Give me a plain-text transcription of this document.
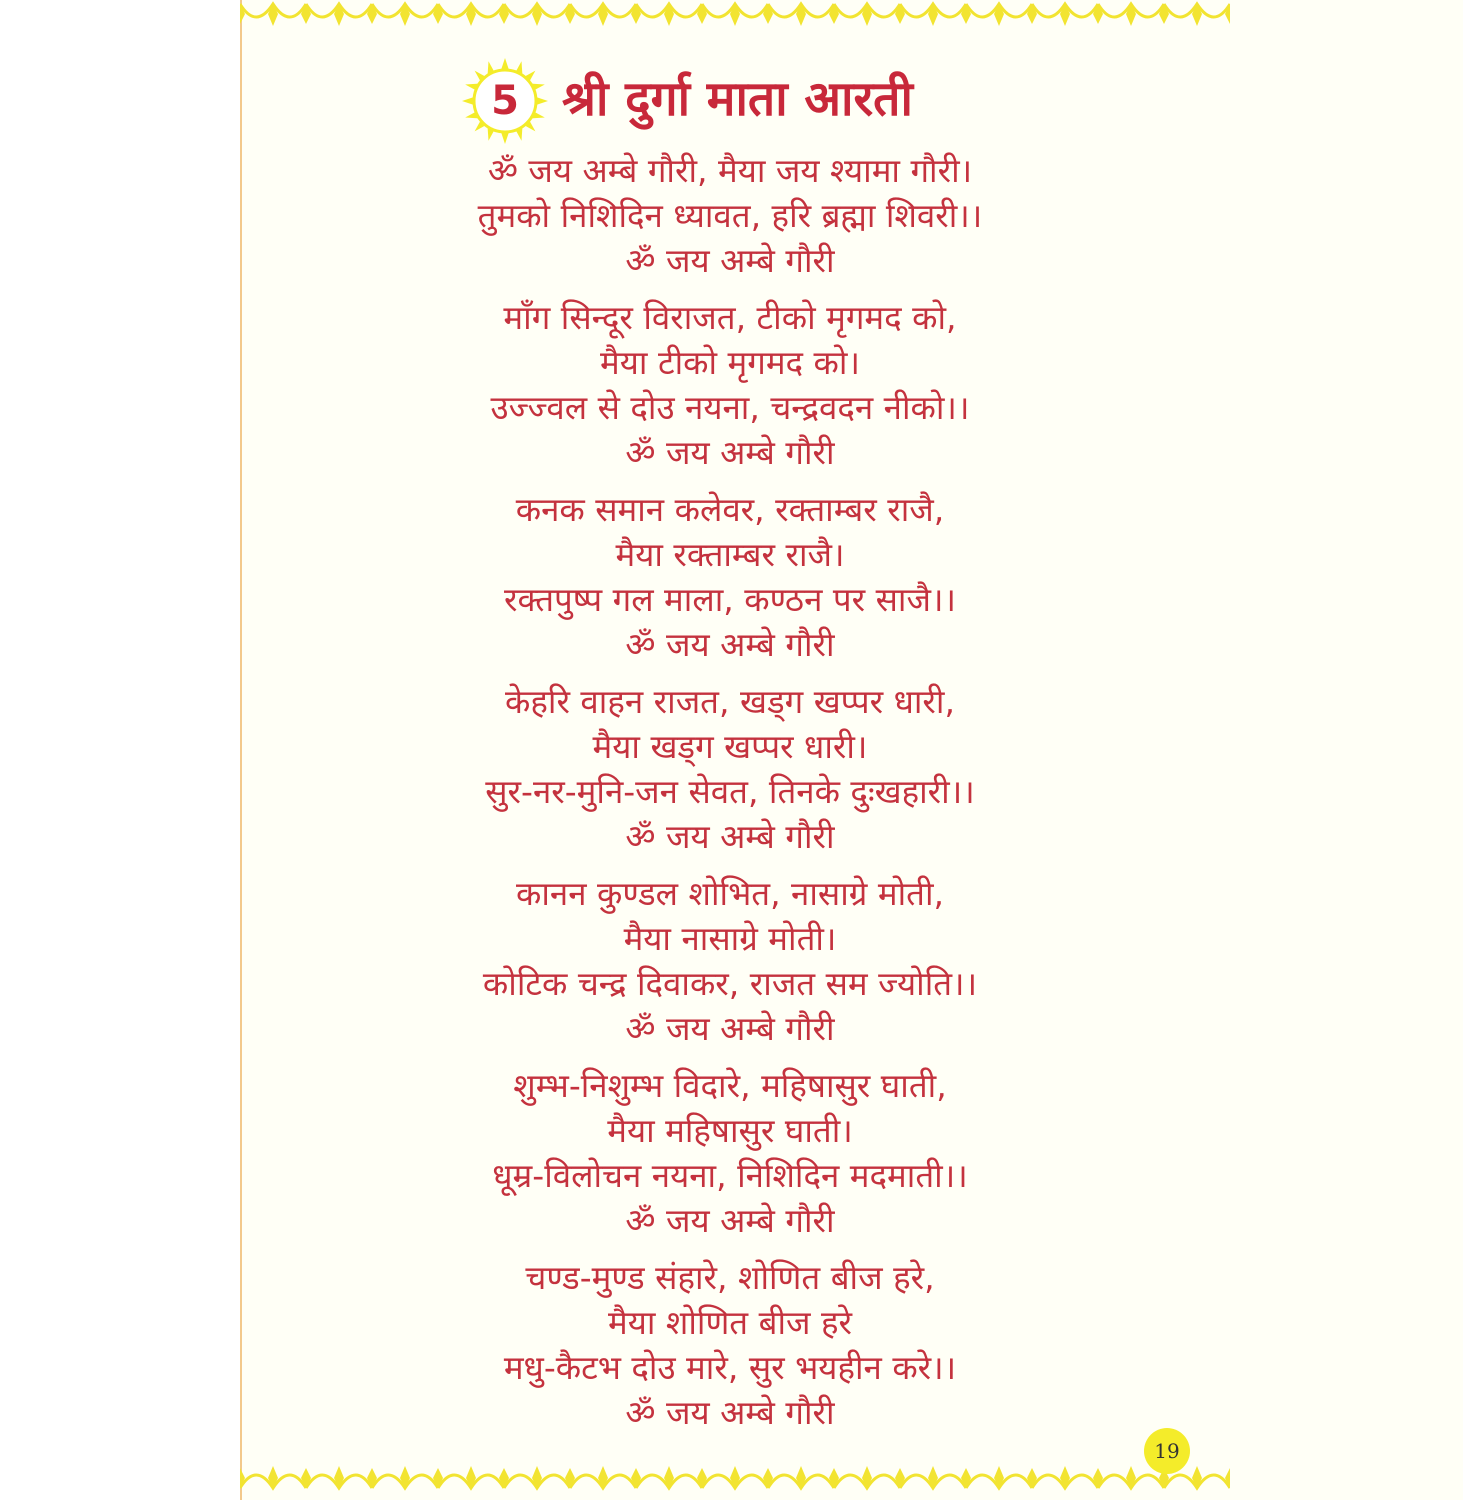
5 श्री दुर्गा माता आरती
ॐ जय अम्बे गौरी, मैया जय श्यामा गौरी।
तुमको निशिदिन ध्यावत, हरि ब्रह्मा शिवरी।।
ॐ जय अम्बे गौरी
माँग सिन्दूर विराजत, टीको मृगमद को,
मैया टीको मृगमद को।
उज्ज्वल से दोउ नयना, चन्द्रवदन नीको।।
ॐ जय अम्बे गौरी
कनक समान कलेवर, रक्ताम्बर राजै,
मैया रक्ताम्बर राजै।
रक्तपुष्प गल माला, कण्ठन पर साजै।।
ॐ जय अम्बे गौरी
केहरि वाहन राजत, खड्ग खप्पर धारी,
मैया खड्ग खप्पर धारी।
सुर-नर-मुनि-जन सेवत, तिनके दुःखहारी।।
ॐ जय अम्बे गौरी
कानन कुण्डल शोभित, नासाग्रे मोती,
मैया नासाग्रे मोती।
कोटिक चन्द्र दिवाकर, राजत सम ज्योति।।
ॐ जय अम्बे गौरी
शुम्भ-निशुम्भ विदारे, महिषासुर घाती,
मैया महिषासुर घाती।
धूम्र-विलोचन नयना, निशिदिन मदमाती।।
ॐ जय अम्बे गौरी
चण्ड-मुण्ड संहारे, शोणित बीज हरे,
मैया शोणित बीज हरे
मधु-कैटभ दोउ मारे, सुर भयहीन करे।।
ॐ जय अम्बे गौरी
19
